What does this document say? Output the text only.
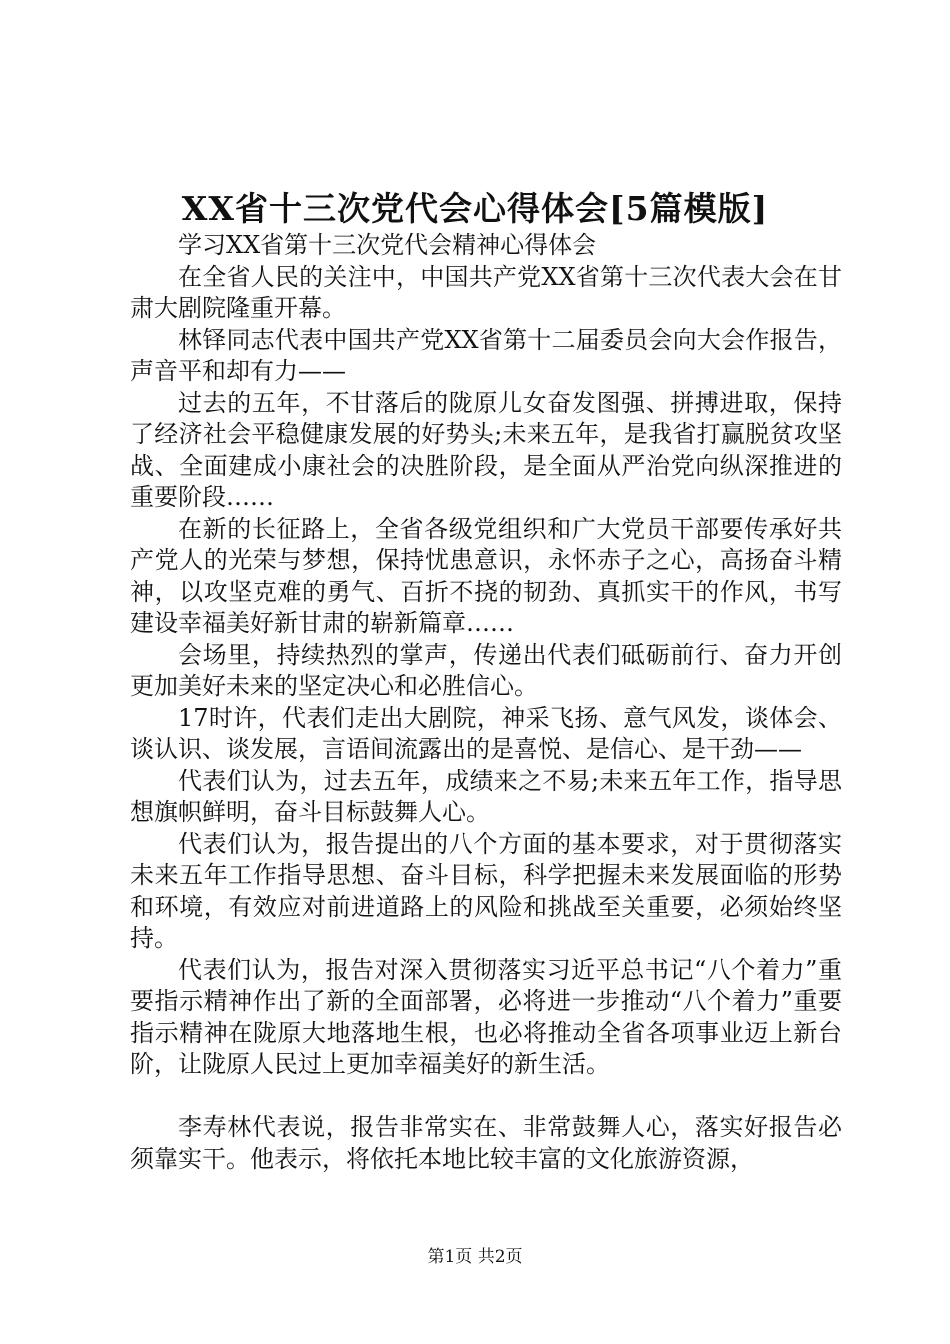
XX省十三次党代会心得体会[5篇模版]

学习XX省第十三次党代会精神心得体会

在全省人民的关注中，中国共产党XX省第十三次代表大会在甘肃大剧院隆重开幕。

林铎同志代表中国共产党XX省第十二届委员会向大会作报告，声音平和却有力——

过去的五年，不甘落后的陇原儿女奋发图强、拼搏进取，保持了经济社会平稳健康发展的好势头;未来五年，是我省打赢脱贫攻坚战、全面建成小康社会的决胜阶段，是全面从严治党向纵深推进的重要阶段……

在新的长征路上，全省各级党组织和广大党员干部要传承好共产党人的光荣与梦想，保持忧患意识，永怀赤子之心，高扬奋斗精神，以攻坚克难的勇气、百折不挠的韧劲、真抓实干的作风，书写建设幸福美好新甘肃的崭新篇章……

会场里，持续热烈的掌声，传递出代表们砥砺前行、奋力开创更加美好未来的坚定决心和必胜信心。

17时许，代表们走出大剧院，神采飞扬、意气风发，谈体会、谈认识、谈发展，言语间流露出的是喜悦、是信心、是干劲——

代表们认为，过去五年，成绩来之不易;未来五年工作，指导思想旗帜鲜明，奋斗目标鼓舞人心。

代表们认为，报告提出的八个方面的基本要求，对于贯彻落实未来五年工作指导思想、奋斗目标，科学把握未来发展面临的形势和环境，有效应对前进道路上的风险和挑战至关重要，必须始终坚持。

代表们认为，报告对深入贯彻落实习近平总书记“八个着力”重要指示精神作出了新的全面部署，必将进一步推动“八个着力”重要指示精神在陇原大地落地生根，也必将推动全省各项事业迈上新台阶，让陇原人民过上更加幸福美好的新生活。

李寿林代表说，报告非常实在、非常鼓舞人心，落实好报告必须靠实干。他表示，将依托本地比较丰富的文化旅游资源，

第1页 共2页
